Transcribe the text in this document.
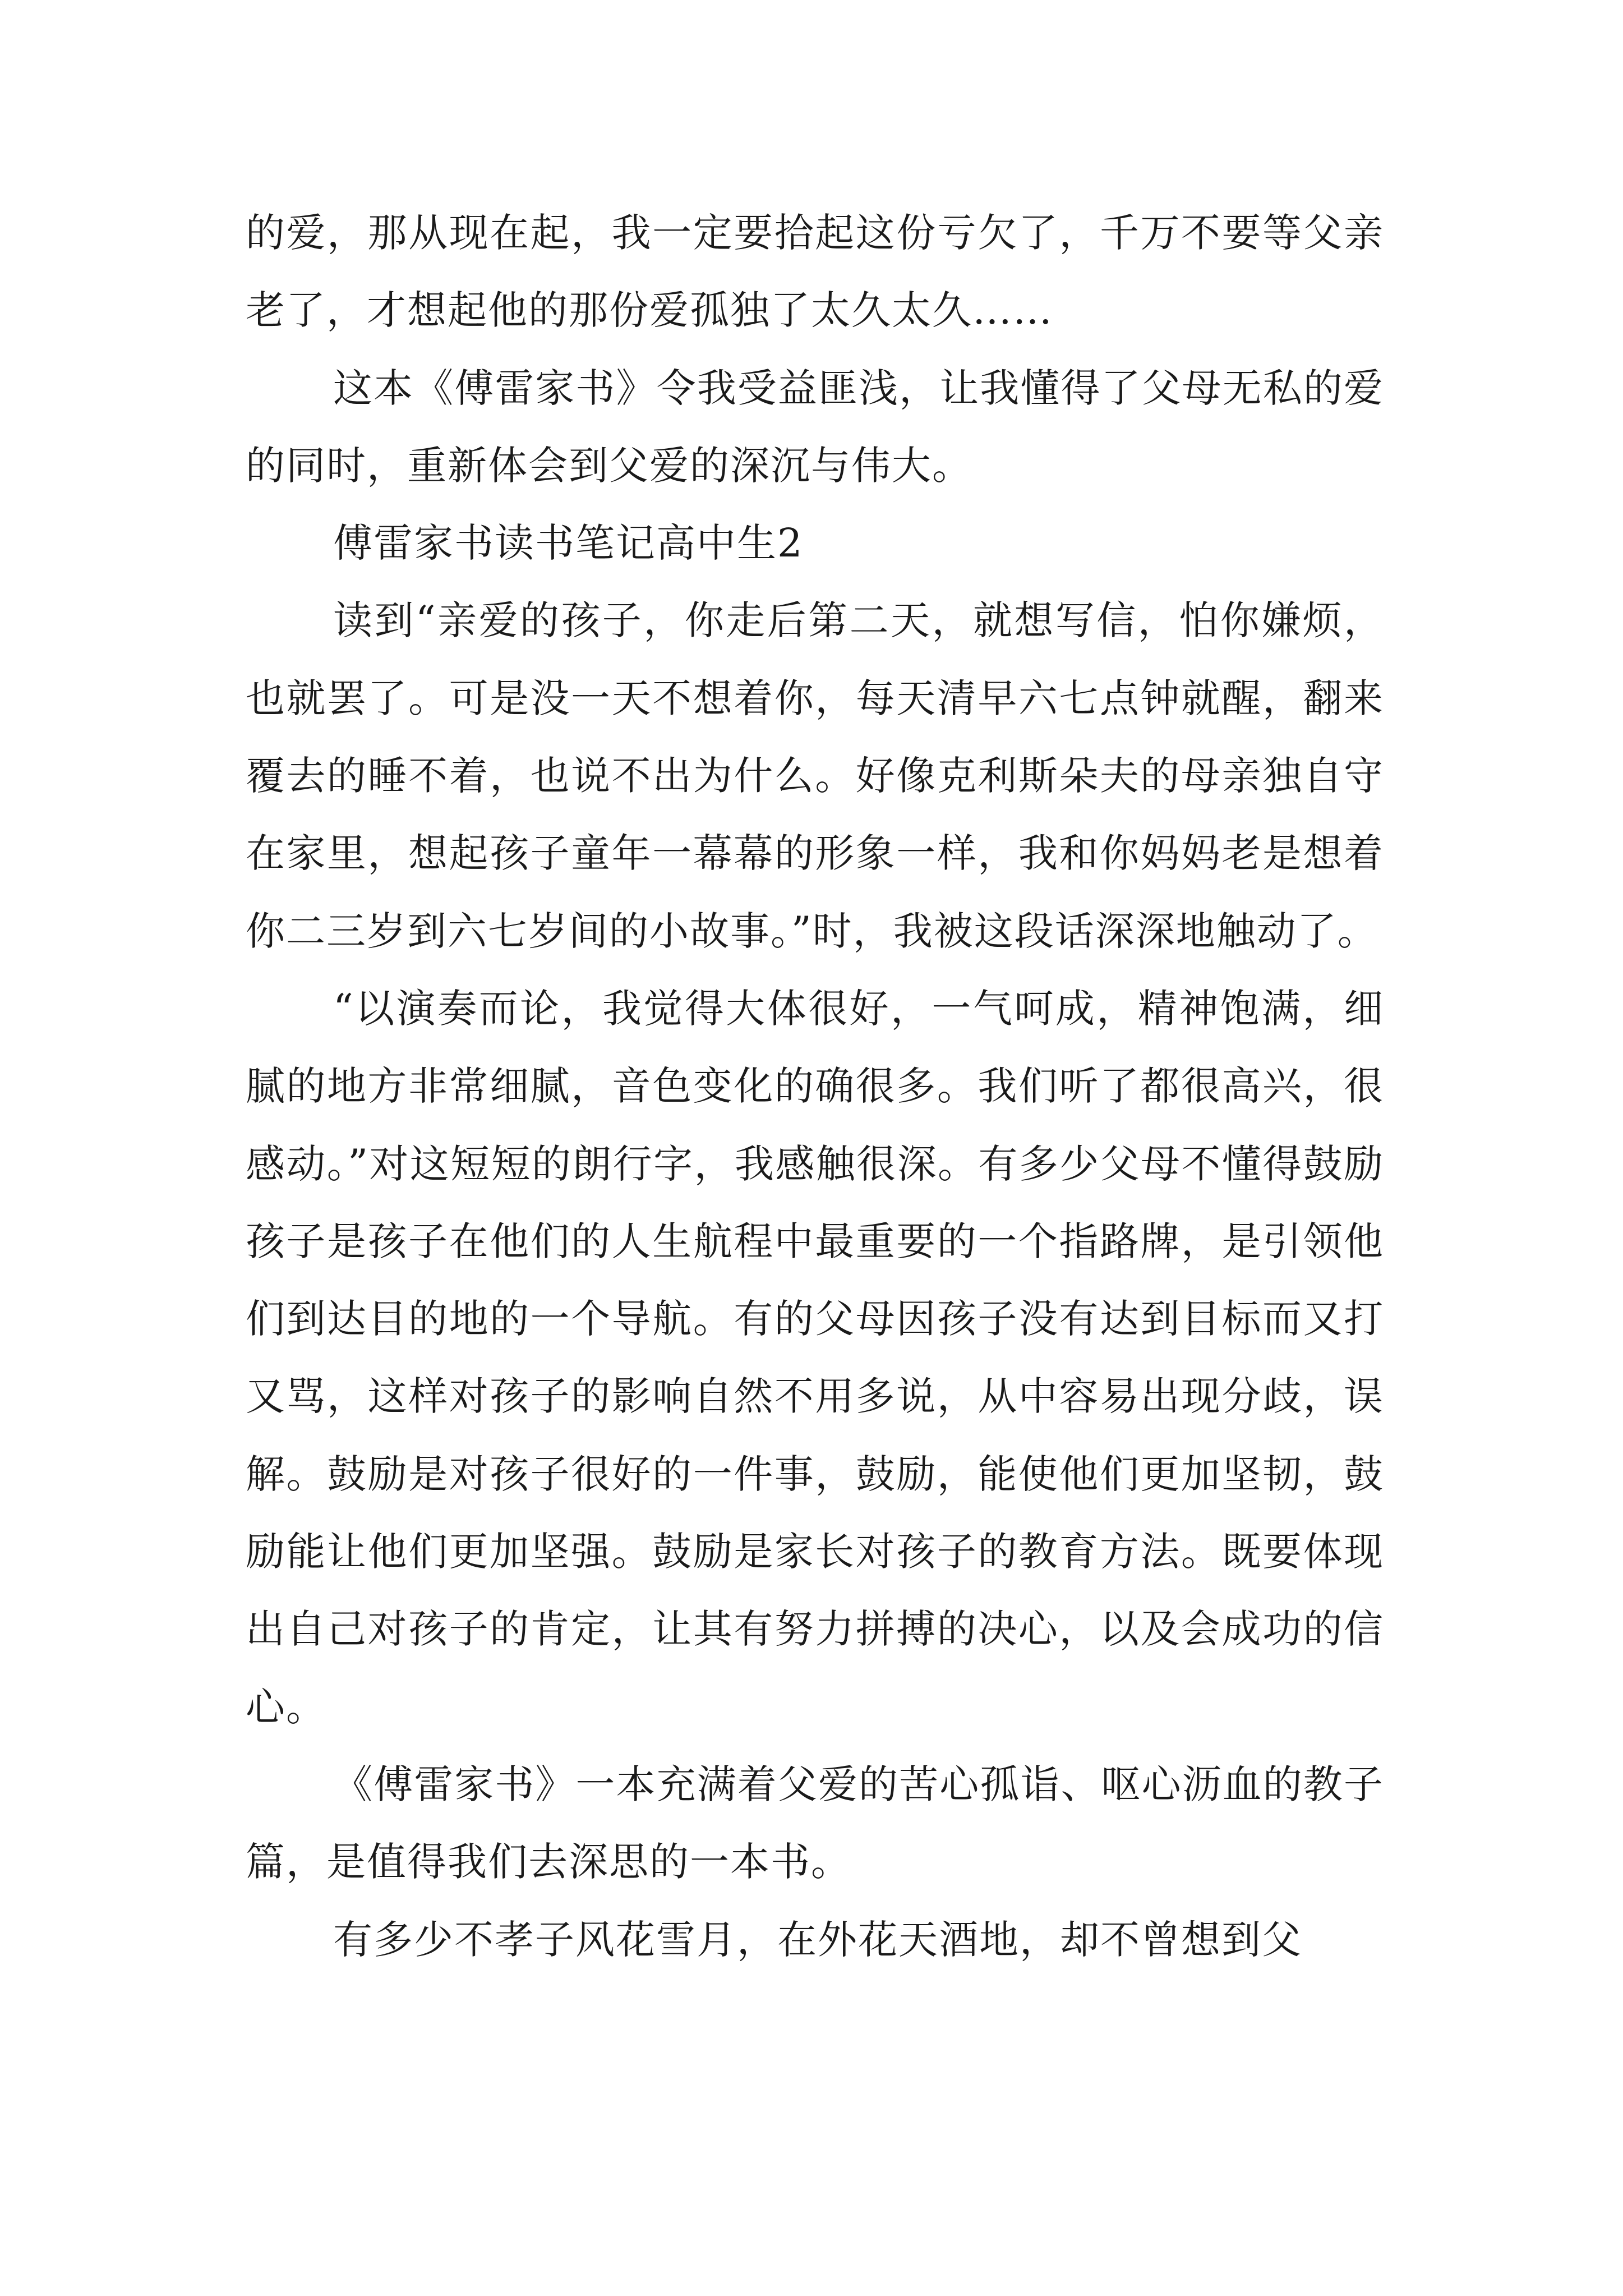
的爱，那从现在起，我一定要拾起这份亏欠了，千万不要等父亲老了，才想起他的那份爱孤独了太久太久……

这本《傅雷家书》令我受益匪浅，让我懂得了父母无私的爱的同时，重新体会到父爱的深沉与伟大。

傅雷家书读书笔记高中生2

读到“亲爱的孩子，你走后第二天，就想写信，怕你嫌烦，也就罢了。可是没一天不想着你，每天清早六七点钟就醒，翻来覆去的睡不着，也说不出为什么。好像克利斯朵夫的母亲独自守在家里，想起孩子童年一幕幕的形象一样，我和你妈妈老是想着你二三岁到六七岁间的小故事。”时，我被这段话深深地触动了。

“以演奏而论，我觉得大体很好，一气呵成，精神饱满，细腻的地方非常细腻，音色变化的确很多。我们听了都很高兴，很感动。”对这短短的朗行字，我感触很深。有多少父母不懂得鼓励孩子是孩子在他们的人生航程中最重要的一个指路牌，是引领他们到达目的地的一个导航。有的父母因孩子没有达到目标而又打又骂，这样对孩子的影响自然不用多说，从中容易出现分歧，误解。鼓励是对孩子很好的一件事，鼓励，能使他们更加坚韧，鼓励能让他们更加坚强。鼓励是家长对孩子的教育方法。既要体现出自己对孩子的肯定，让其有努力拼搏的决心，以及会成功的信心。

《傅雷家书》一本充满着父爱的苦心孤诣、呕心沥血的教子篇，是值得我们去深思的一本书。

有多少不孝子风花雪月，在外花天酒地，却不曾想到父
